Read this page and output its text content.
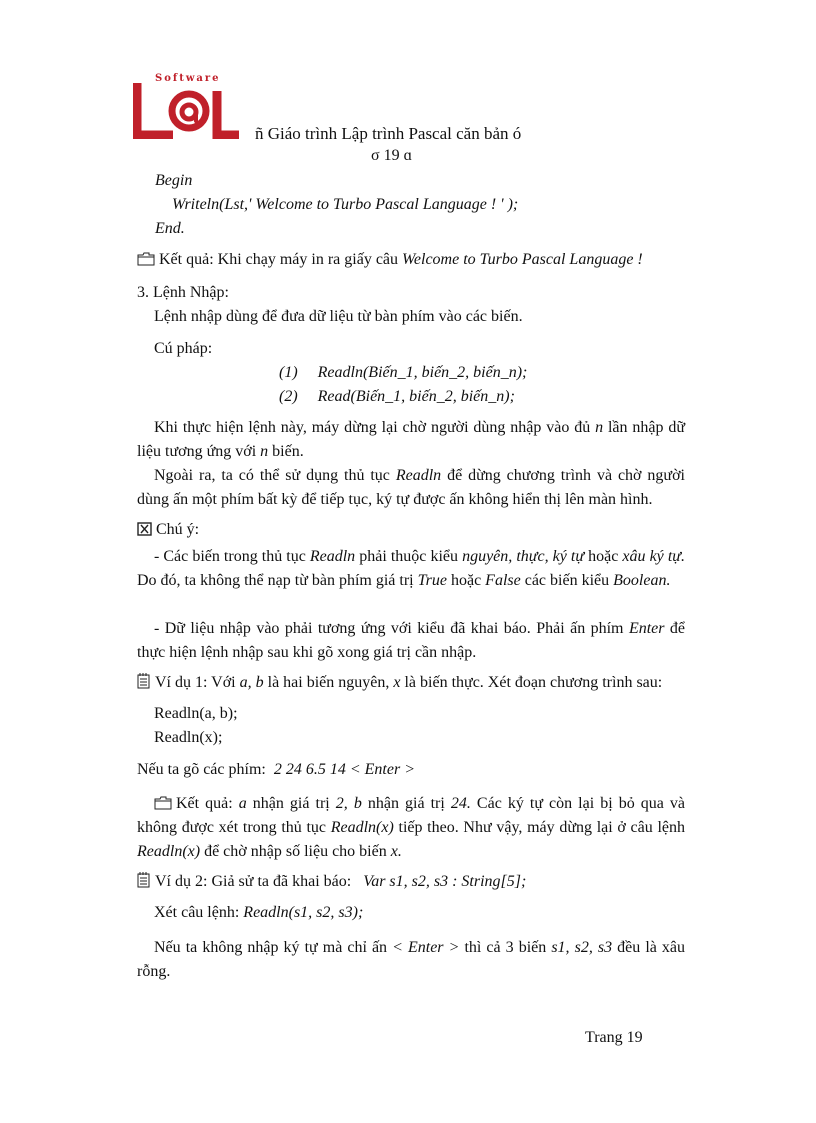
Software
ñ Giáo trình Lập trình Pascal căn bản ó
σ 19 ɑ
Begin
Writeln(Lst,' Welcome to Turbo Pascal Language ! ' );
End.
Kết quả: Khi chạy máy in ra giấy câu Welcome to Turbo Pascal Language !
3. Lệnh Nhập:
Lệnh nhập dùng để đưa dữ liệu từ bàn phím vào các biến.
Cú pháp:
(1) Readln(Biến_1, biến_2, biến_n);
(2) Read(Biến_1, biến_2, biến_n);
Khi thực hiện lệnh này, máy dừng lại chờ người dùng nhập vào đủ n lần nhập dữ liệu tương ứng với n biến.
Ngoài ra, ta có thể sử dụng thủ tục Readln để dừng chương trình và chờ người dùng ấn một phím bất kỳ để tiếp tục, ký tự được ấn không hiển thị lên màn hình.
Chú ý:
- Các biến trong thủ tục Readln phải thuộc kiểu nguyên, thực, ký tự hoặc xâu ký tự. Do đó, ta không thể nạp từ bàn phím giá trị True hoặc False các biến kiểu Boolean.
- Dữ liệu nhập vào phải tương ứng với kiểu đã khai báo. Phải ấn phím Enter để thực hiện lệnh nhập sau khi gõ xong giá trị cần nhập.
Ví dụ 1: Với a, b là hai biến nguyên, x là biến thực. Xét đoạn chương trình sau:
Readln(a, b);
Readln(x);
Nếu ta gõ các phím: 2 24 6.5 14 < Enter >
Kết quả: a nhận giá trị 2, b nhận giá trị 24. Các ký tự còn lại bị bỏ qua và không được xét trong thủ tục Readln(x) tiếp theo. Như vậy, máy dừng lại ở câu lệnh Readln(x) để chờ nhập số liệu cho biến x.
Ví dụ 2: Giả sử ta đã khai báo: Var s1, s2, s3 : String[5];
Xét câu lệnh: Readln(s1, s2, s3);
Nếu ta không nhập ký tự mà chỉ ấn < Enter > thì cả 3 biến s1, s2, s3 đều là xâu rỗng.
Trang 19
